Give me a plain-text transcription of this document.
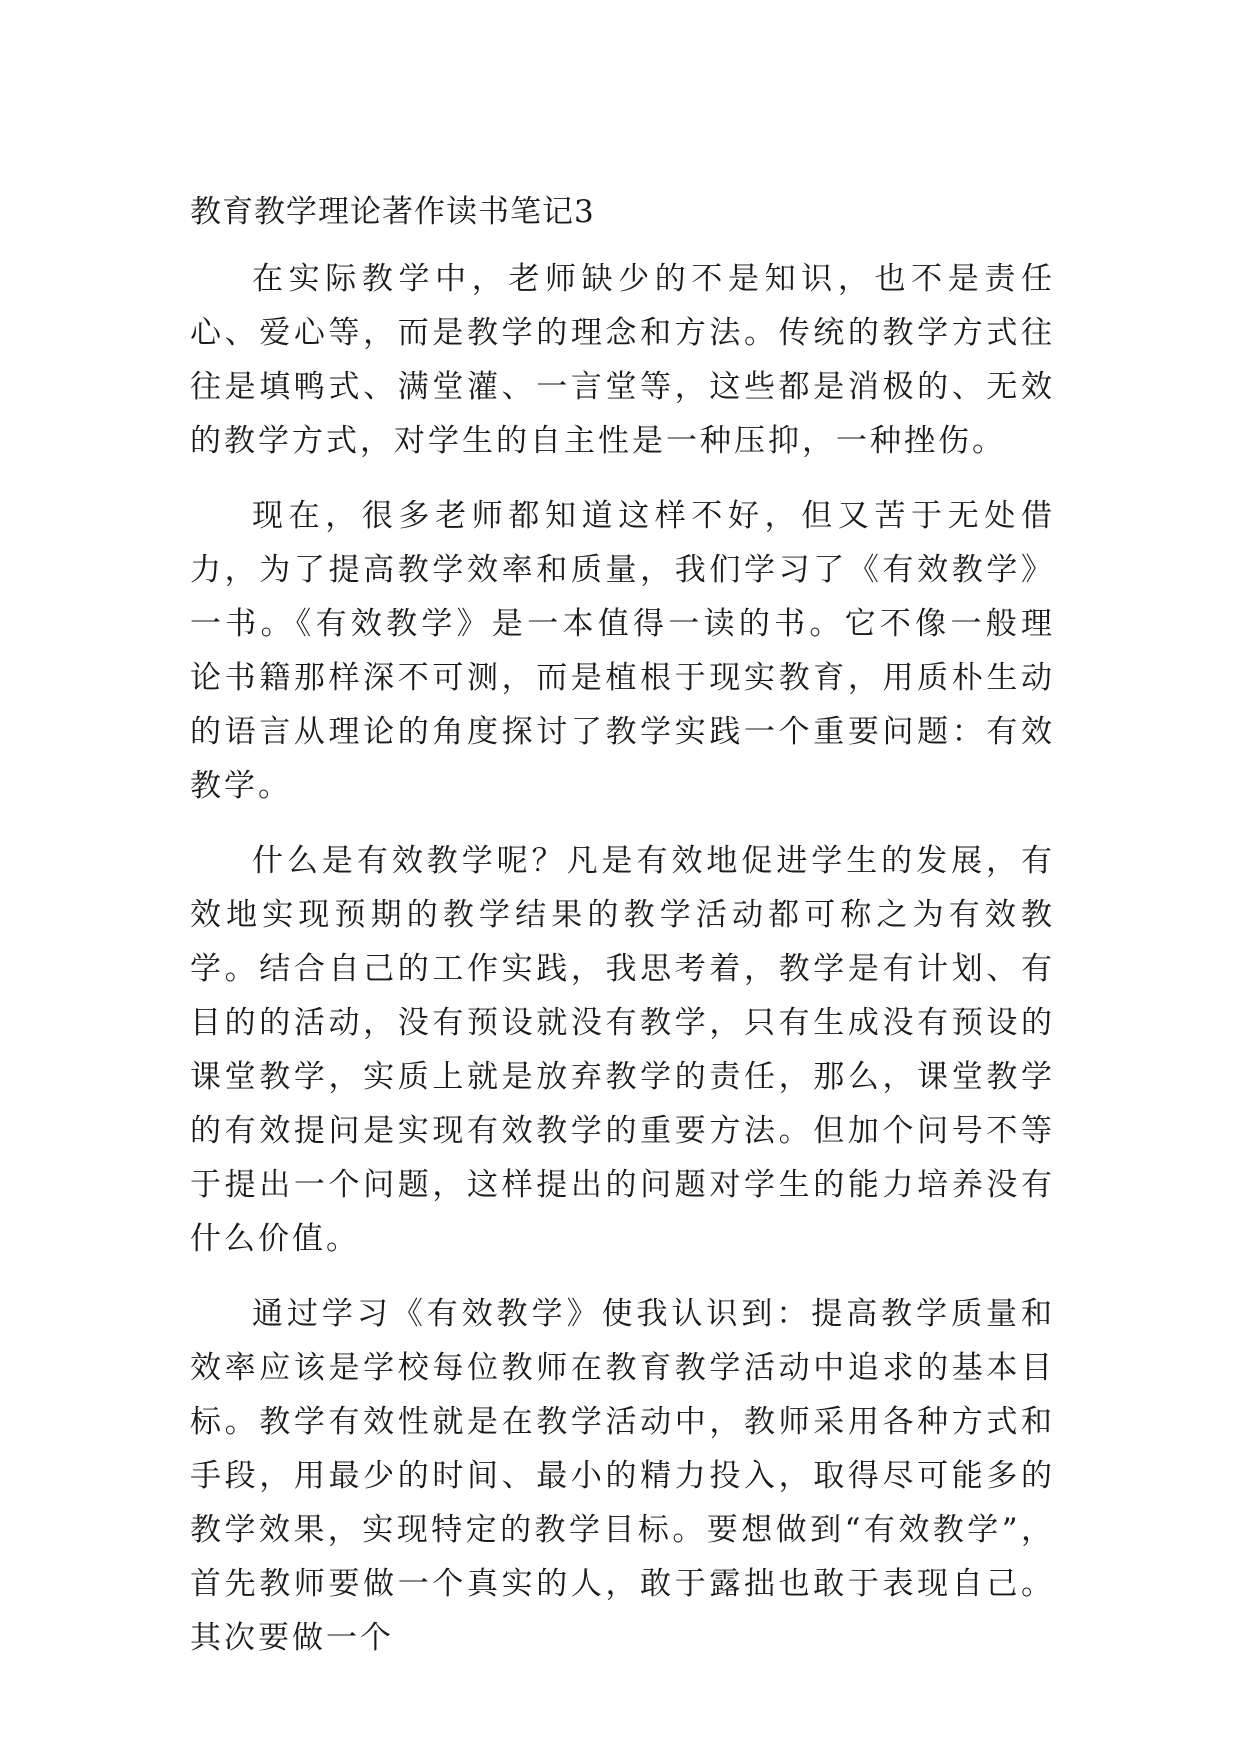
教育教学理论著作读书笔记3

在实际教学中，老师缺少的不是知识，也不是责任心、爱心等，而是教学的理念和方法。传统的教学方式往往是填鸭式、满堂灌、一言堂等，这些都是消极的、无效的教学方式，对学生的自主性是一种压抑，一种挫伤。

现在，很多老师都知道这样不好，但又苦于无处借力，为了提高教学效率和质量，我们学习了《有效教学》一书。《有效教学》是一本值得一读的书。它不像一般理论书籍那样深不可测，而是植根于现实教育，用质朴生动的语言从理论的角度探讨了教学实践一个重要问题：有效教学。

什么是有效教学呢？凡是有效地促进学生的发展，有效地实现预期的教学结果的教学活动都可称之为有效教学。结合自己的工作实践，我思考着，教学是有计划、有目的的活动，没有预设就没有教学，只有生成没有预设的课堂教学，实质上就是放弃教学的责任，那么，课堂教学的有效提问是实现有效教学的重要方法。但加个问号不等于提出一个问题，这样提出的问题对学生的能力培养没有什么价值。

通过学习《有效教学》使我认识到：提高教学质量和效率应该是学校每位教师在教育教学活动中追求的基本目标。教学有效性就是在教学活动中，教师采用各种方式和手段，用最少的时间、最小的精力投入，取得尽可能多的教学效果，实现特定的教学目标。要想做到“有效教学”，首先教师要做一个真实的人，敢于露拙也敢于表现自己。其次要做一个
